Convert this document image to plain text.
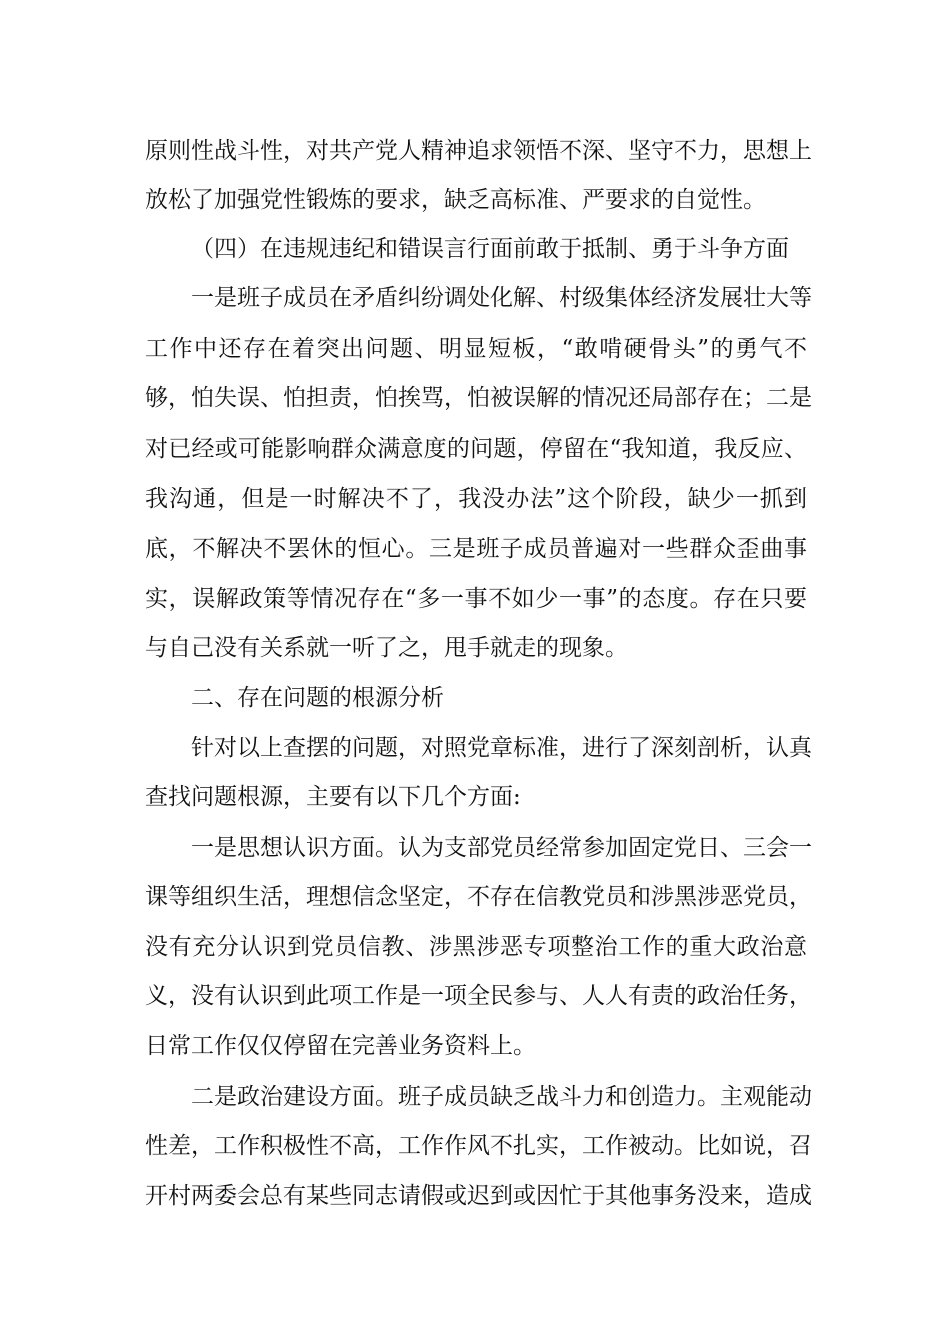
原则性战斗性，对共产党人精神追求领悟不深、坚守不力，思想上
放松了加强党性锻炼的要求，缺乏高标准、严要求的自觉性。
（四）在违规违纪和错误言行面前敢于抵制、勇于斗争方面
一是班子成员在矛盾纠纷调处化解、村级集体经济发展壮大等
工作中还存在着突出问题、明显短板，“敢啃硬骨头”的勇气不
够，怕失误、怕担责，怕挨骂，怕被误解的情况还局部存在；二是
对已经或可能影响群众满意度的问题，停留在“我知道，我反应、
我沟通，但是一时解决不了，我没办法”这个阶段，缺少一抓到
底，不解决不罢休的恒心。三是班子成员普遍对一些群众歪曲事
实，误解政策等情况存在“多一事不如少一事”的态度。存在只要
与自己没有关系就一听了之，甩手就走的现象。
二、存在问题的根源分析
针对以上查摆的问题，对照党章标准，进行了深刻剖析，认真
查找问题根源，主要有以下几个方面:
一是思想认识方面。认为支部党员经常参加固定党日、三会一
课等组织生活，理想信念坚定，不存在信教党员和涉黑涉恶党员，
没有充分认识到党员信教、涉黑涉恶专项整治工作的重大政治意
义，没有认识到此项工作是一项全民参与、人人有责的政治任务，
日常工作仅仅停留在完善业务资料上。
二是政治建设方面。班子成员缺乏战斗力和创造力。主观能动
性差，工作积极性不高，工作作风不扎实，工作被动。比如说，召
开村两委会总有某些同志请假或迟到或因忙于其他事务没来，造成
